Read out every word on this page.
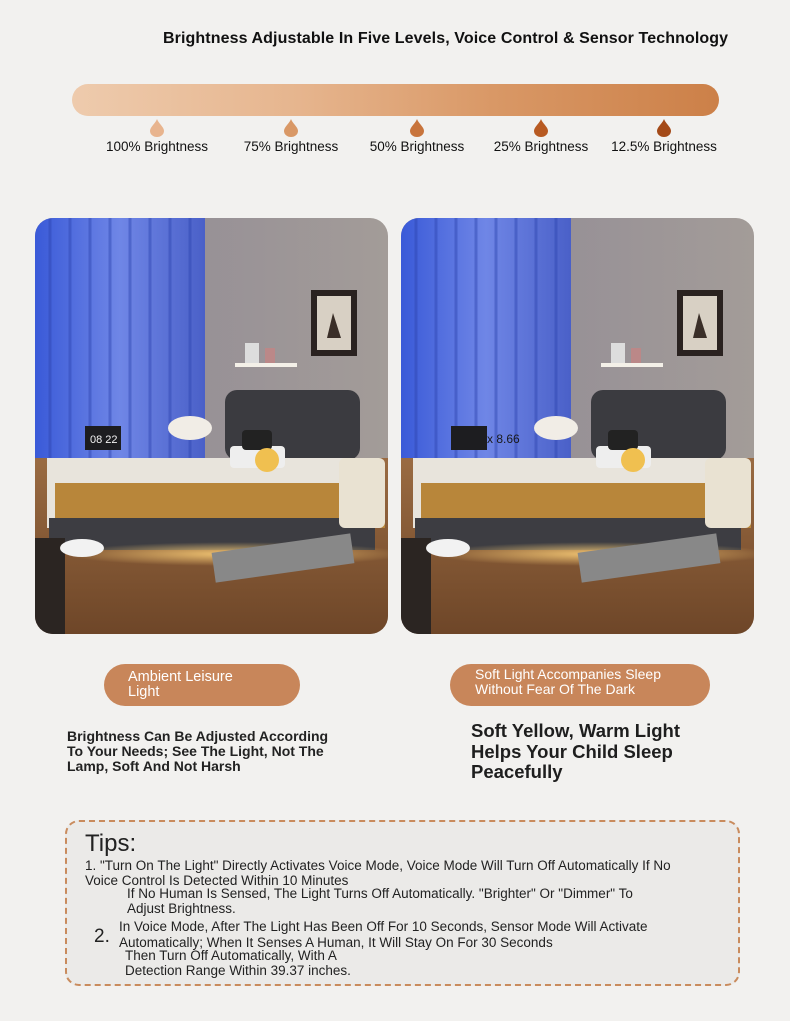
Brightness Adjustable In Five Levels, Voice Control & Sensor Technology
100% Brightness	75% Brightness	50% Brightness	25% Brightness	12.5% Brightness
08 22	x 8.66
Ambient Leisure
Light
Brightness Can Be Adjusted According
To Your Needs; See The Light, Not The
Lamp, Soft And Not Harsh
Soft Light Accompanies Sleep
Without Fear Of The Dark
Soft Yellow, Warm Light
Helps Your Child Sleep
Peacefully
Tips:
1. "Turn On The Light" Directly Activates Voice Mode, Voice Mode Will Turn Off Automatically If No
Voice Control Is Detected Within 10 Minutes
If No Human Is Sensed, The Light Turns Off Automatically. "Brighter" Or "Dimmer" To
Adjust Brightness.
2. In Voice Mode, After The Light Has Been Off For 10 Seconds, Sensor Mode Will Activate
Automatically; When It Senses A Human, It Will Stay On For 30 Seconds
Then Turn Off Automatically, With A
Detection Range Within 39.37 inches.
